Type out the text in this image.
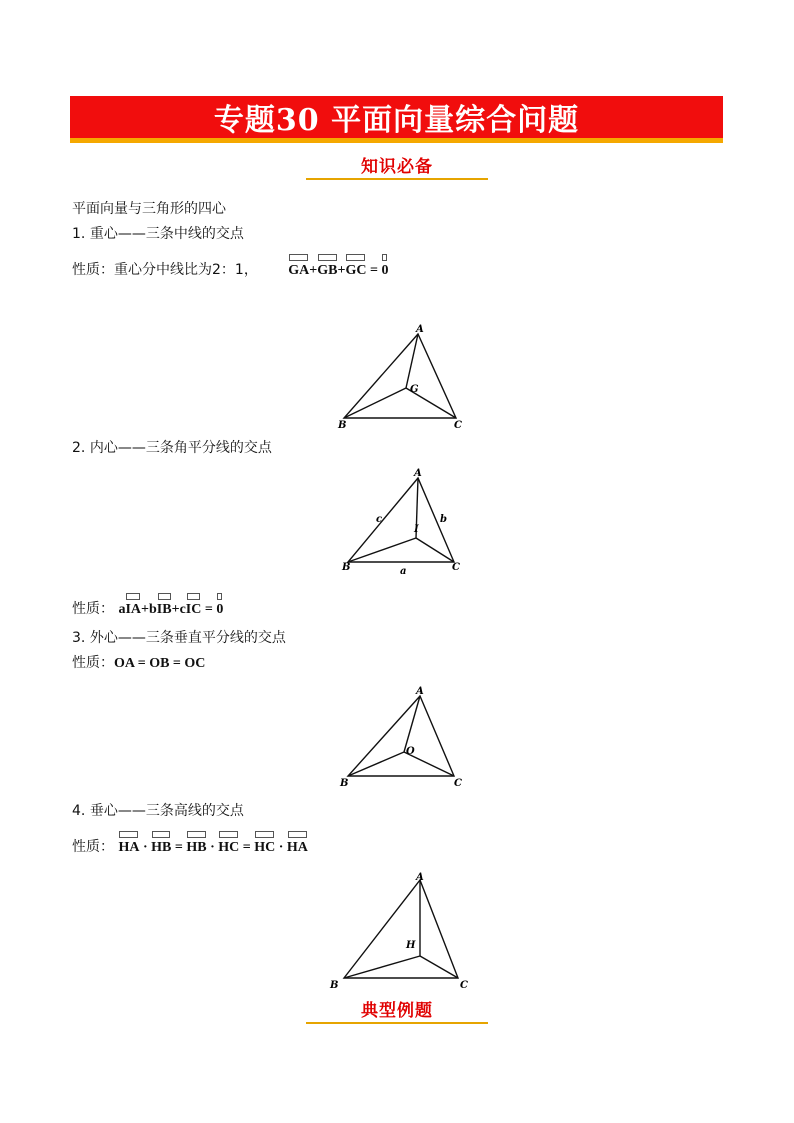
专题30 平面向量综合问题
知识必备
平面向量与三角形的四心
1. 重心——三条中线的交点
性质：重心分中线比为2：1， GA+GB+GC = 0
A
B	C
G
2. 内心——三条角平分线的交点
A
B	C
I
c	b
a
性质： aIA+bIB+cIC = 0
3. 外心——三条垂直平分线的交点
性质：OA = OB = OC
A
B	C
O
4. 垂心——三条高线的交点
性质： HA · HB = HB · HC = HC · HA
A
B	C
H
典型例题
